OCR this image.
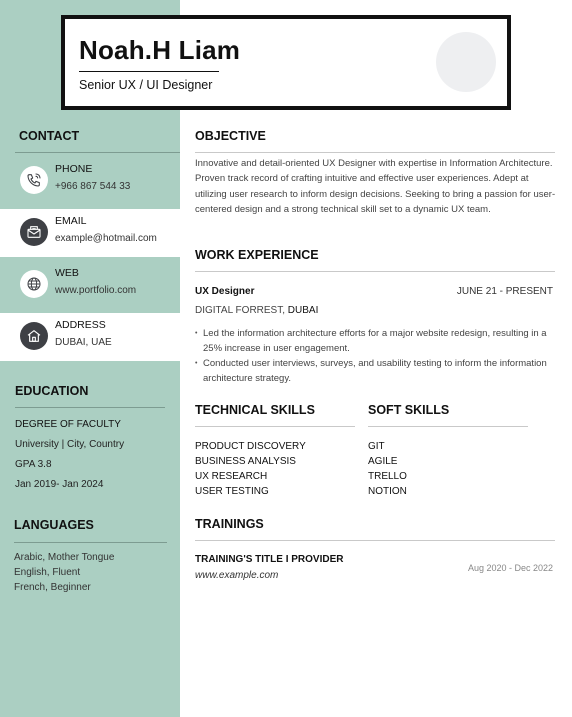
Noah.H Liam
Senior UX / UI Designer
CONTACT
PHONE
+966 867 544 33
EMAIL
example@hotmail.com
WEB
www.portfolio.com
ADDRESS
DUBAI, UAE
EDUCATION
DEGREE OF FACULTY
University | City, Country
GPA 3.8
Jan 2019- Jan 2024
LANGUAGES
Arabic, Mother Tongue
English, Fluent
French, Beginner
OBJECTIVE
Innovative and detail-oriented UX Designer with expertise in Information Architecture. Proven track record of crafting intuitive and effective user experiences. Adept at utilizing user research to inform design decisions. Seeking to bring a passion for user-centered design and a strong technical skill set to a dynamic UX team.
WORK EXPERIENCE
UX Designer	JUNE 21 - PRESENT
DIGITAL FORREST, DUBAI
• Led the information architecture efforts for a major website redesign, resulting in a 25% increase in user engagement.
• Conducted user interviews, surveys, and usability testing to inform the information architecture strategy.
TECHNICAL SKILLS	SOFT SKILLS
PRODUCT DISCOVERY
BUSINESS ANALYSIS
UX RESEARCH
USER TESTING
GIT
AGILE
TRELLO
NOTION
TRAININGS
TRAINING'S TITLE I PROVIDER
www.example.com
Aug 2020 - Dec 2022
